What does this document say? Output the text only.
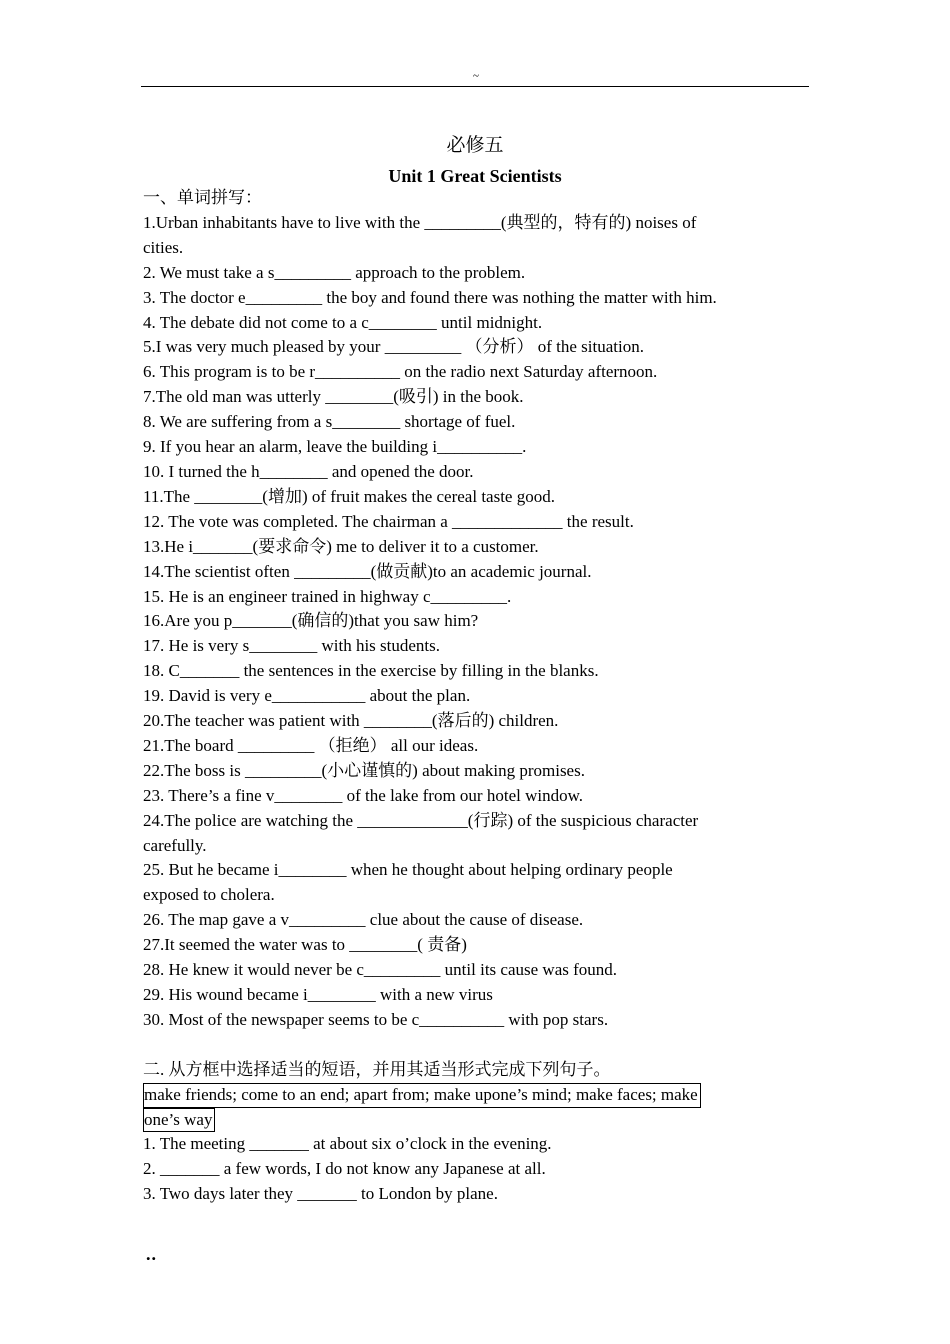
~
必修五
Unit 1 Great Scientists
一、单词拼写：
1.Urban inhabitants have to live with the _________(典型的，特有的) noises of
cities.
2. We must take a s_________ approach to the problem.
3. The doctor e_________ the boy and found there was nothing the matter with him.
4. The debate did not come to a c________ until midnight.
5.I was very much pleased by your _________ （分析） of the situation.
6. This program is to be r__________ on the radio next Saturday afternoon.
7.The old man was utterly ________(吸引) in the book.
8. We are suffering from a s________ shortage of fuel.
9. If you hear an alarm, leave the building i__________.
10. I turned the h________ and opened the door.
11.The ________(增加) of fruit makes the cereal taste good.
12. The vote was completed. The chairman a _____________ the result.
13.He i_______(要求命令) me to deliver it to a customer.
14.The scientist often _________(做贡献)to an academic journal.
15. He is an engineer trained in highway c_________.
16.Are you p_______(确信的)that you saw him?
17. He is very s________ with his students.
18. C_______ the sentences in the exercise by filling in the blanks.
19. David is very e___________ about the plan.
20.The teacher was patient with ________(落后的) children.
21.The board _________ （拒绝） all our ideas.
22.The boss is _________(小心谨慎的) about making promises.
23. There’s a fine v________ of the lake from our hotel window.
24.The police are watching the _____________(行踪) of the suspicious character
carefully.
25. But he became i________ when he thought about helping ordinary people
exposed to cholera.
26. The map gave a v_________ clue about the cause of disease.
27.It seemed the water was to ________( 责备)
28. He knew it would never be c_________ until its cause was found.
29. His wound became i________ with a new virus
30. Most of the newspaper seems to be c__________ with pop stars.
二. 从方框中选择适当的短语，并用其适当形式完成下列句子。
make friends; come to an end; apart from; make upone’s mind; make faces; make
one’s way
1. The meeting _______ at about six o’clock in the evening.
2. _______ a few words, I do not know any Japanese at all.
3. Two days later they _______ to London by plane.
..
